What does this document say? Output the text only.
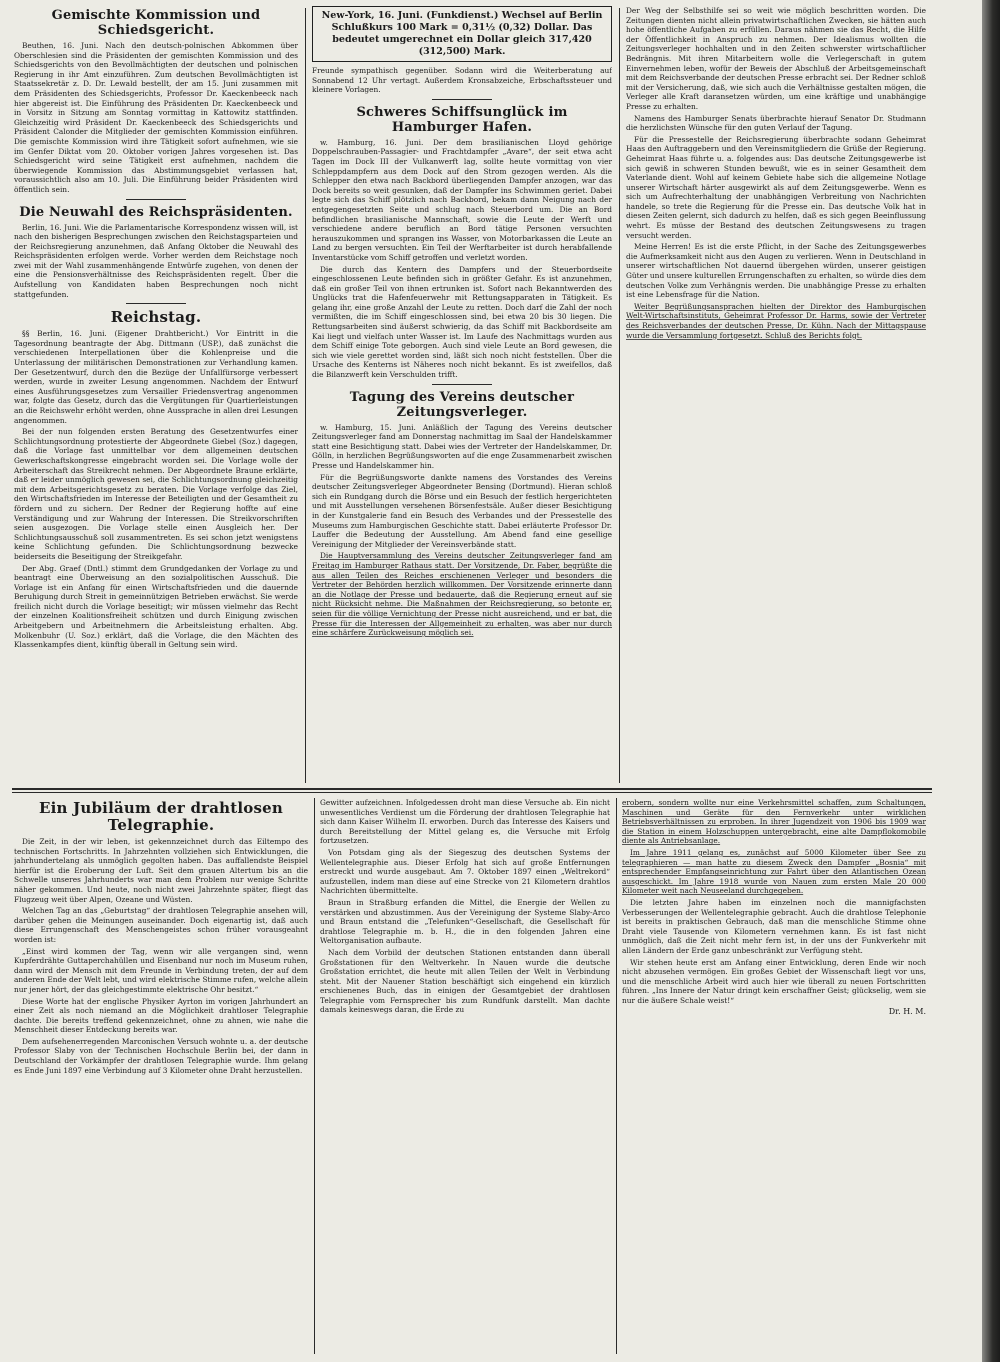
Gemischte Kommission und Schiedsgericht.

Beuthen, 16. Juni. Nach den deutsch-polnischen Abkommen über Oberschlesien sind die Präsidenten der gemischten Kommission und des Schiedsgerichts von den Bevollmächtigten der deutschen und polnischen Regierung in ihr Amt einzuführen. Zum deutschen Bevollmächtigten ist Staatssekretär z. D. Dr. Lewald bestellt, der am 15. Juni zusammen mit dem Präsidenten des Schiedsgerichts, Professor Dr. Kaeckenbeeck nach hier abgereist ist. Die Einführung des Präsidenten Dr. Kaeckenbeeck und in Vorsitz in Sitzung am Sonntag vormittag in Kattowitz stattfinden. Gleichzeitig wird Präsident Dr. Kaeckenbeeck des Schiedsgerichts und Präsident Calonder die Mitglieder der gemischten Kommission einführen. Die gemischte Kommission wird ihre Tätigkeit sofort aufnehmen, wie sie im Genfer Diktat vom 20. Oktober vorigen Jahres vorgesehen ist. Das Schiedsgericht wird seine Tätigkeit erst aufnehmen, nachdem die überwiegende Kommission das Abstimmungsgebiet verlassen hat, voraussichtlich also am 10. Juli. Die Einführung beider Präsidenten wird öffentlich sein.

Die Neuwahl des Reichspräsidenten.

Berlin, 16. Juni. Wie die Parlamentarische Korrespondenz wissen will, ist nach den bisherigen Besprechungen zwischen den Reichstagsparteien und der Reichsregierung anzunehmen, daß Anfang Oktober die Neuwahl des Reichspräsidenten erfolgen werde. Vorher werden dem Reichstage noch zwei mit der Wahl zusammenhängende Entwürfe zugehen, von denen der eine die Pensionsverhältnisse des Reichspräsidenten regelt. Über die Aufstellung von Kandidaten haben Besprechungen noch nicht stattgefunden.

Reichstag.

§§ Berlin, 16. Juni. (Eigener Drahtbericht.) Vor Eintritt in die Tagesordnung beantragte der Abg. Dittmann (USP.), daß zunächst die verschiedenen Interpellationen über die Kohlenpreise und die Unterlassung der militärischen Demonstrationen zur Verhandlung kamen. Der Gesetzentwurf, durch den die Bezüge der Unfallfürsorge verbessert werden, wurde in zweiter Lesung angenommen. Nachdem der Entwurf eines Ausführungsgesetzes zum Versailler Friedensvertrag angenommen war, folgte das Gesetz, durch das die Vergütungen für Quartierleistungen an die Reichswehr erhöht werden, ohne Aussprache in allen drei Lesungen angenommen.

Bei der nun folgenden ersten Beratung des Gesetzentwurfes einer Schlichtungsordnung protestierte der Abgeordnete Giebel (Soz.) dagegen, daß die Vorlage fast unmittelbar vor dem allgemeinen deutschen Gewerkschaftskongresse eingebracht worden sei. Die Vorlage wolle der Arbeiterschaft das Streikrecht nehmen. Der Abgeordnete Braune erklärte, daß er leider unmöglich gewesen sei, die Schlichtungsordnung gleichzeitig mit dem Arbeitsgerichtsgesetz zu beraten. Die Vorlage verfolge das Ziel, den Wirtschaftsfrieden im Interesse der Beteiligten und der Gesamtheit zu fördern und zu sichern. Der Redner der Regierung hoffte auf eine Verständigung und zur Wahrung der Interessen. Die Streikvorschriften seien ausgezogen. Die Vorlage stelle einen Ausgleich her. Der Schlichtungsausschuß soll zusammentreten. Es sei schon jetzt wenigstens keine Schlichtung gefunden. Die Schlichtungsordnung bezwecke beiderseits die Beseitigung der Streikgefahr.

Der Abg. Graef (Dntl.) stimmt dem Grundgedanken der Vorlage zu und beantragt eine Überweisung an den sozialpolitischen Ausschuß. Die Vorlage ist ein Anfang für einen Wirtschaftsfrieden und die dauernde Beruhigung durch Streit in gemeinnützigen Betrieben erwächst. Sie werde freilich nicht durch die Vorlage beseitigt; wir müssen vielmehr das Recht der einzelnen Koalitionsfreiheit schützen und durch Einigung zwischen Arbeitgebern und Arbeitnehmern die Arbeitsleistung erhalten. Abg. Molkenbuhr (U. Soz.) erklärt, daß die Vorlage, die den Mächten des Klassenkampfes dient, künftig überall in Geltung sein wird.

New-York, 16. Juni. (Funkdienst.) Wechsel auf Berlin Schlußkurs 100 Mark = 0,31½ (0,32) Dollar. Das bedeutet umgerechnet ein Dollar gleich 317,420 (312,500) Mark.

Freunde sympathisch gegenüber. Sodann wird die Weiterberatung auf Sonnabend 12 Uhr vertagt. Außerdem Kronsabzeiche, Erbschaftssteuer und kleinere Vorlagen.

Schweres Schiffsunglück im Hamburger Hafen.

w. Hamburg, 16. Juni. Der dem brasilianischen Lloyd gehörige Doppelschrauben-Passagier- und Frachtdampfer „Avare“, der seit etwa acht Tagen im Dock III der Vulkanwerft lag, sollte heute vormittag von vier Schleppdampfern aus dem Dock auf den Strom gezogen werden. Als die Schlepper den etwa nach Backbord überliegenden Dampfer anzogen, war das Dock bereits so weit gesunken, daß der Dampfer ins Schwimmen geriet. Dabei legte sich das Schiff plötzlich nach Backbord, bekam dann Neigung nach der entgegengesetzten Seite und schlug nach Steuerbord um. Die an Bord befindlichen brasilianische Mannschaft, sowie die Leute der Werft und verschiedene andere beruflich an Bord tätige Personen versuchten herauszukommen und sprangen ins Wasser, von Motorbarkassen die Leute an Land zu bergen versuchten. Ein Teil der Werftarbeiter ist durch herabfallende Inventarstücke vom Schiff getroffen und verletzt worden.

Die durch das Kentern des Dampfers und der Steuerbordseite eingeschlossenen Leute befinden sich in größter Gefahr. Es ist anzunehmen, daß ein großer Teil von ihnen ertrunken ist. Sofort nach Bekanntwerden des Unglücks trat die Hafenfeuerwehr mit Rettungsapparaten in Tätigkeit. Es gelang ihr, eine große Anzahl der Leute zu retten. Doch darf die Zahl der noch vermißten, die im Schiff eingeschlossen sind, bei etwa 20 bis 30 liegen. Die Rettungsarbeiten sind äußerst schwierig, da das Schiff mit Backbordseite am Kai liegt und vielfach unter Wasser ist. Im Laufe des Nachmittags wurden aus dem Schiff einige Tote geborgen. Auch sind viele Leute an Bord gewesen, die sich wie viele gerettet worden sind, läßt sich noch nicht feststellen. Über die Ursache des Kenterns ist Näheres noch nicht bekannt. Es ist zweifellos, daß die Bilanzwerft kein Verschulden trifft.

Tagung des Vereins deutscher Zeitungsverleger.

w. Hamburg, 15. Juni. Anläßlich der Tagung des Vereins deutscher Zeitungsverleger fand am Donnerstag nachmittag im Saal der Handelskammer statt eine Besichtigung statt. Dabei wies der Vertreter der Handelskammer, Dr. Gölln, in herzlichen Begrüßungsworten auf die enge Zusammenarbeit zwischen Presse und Handelskammer hin.

Für die Begrüßungsworte dankte namens des Vorstandes des Vereins deutscher Zeitungsverleger Abgeordneter Bensing (Dortmund). Hieran schloß sich ein Rundgang durch die Börse und ein Besuch der festlich hergerichteten und mit Ausstellungen versehenen Börsenfestsäle. Außer dieser Besichtigung in der Kunstgalerie fand ein Besuch des Verbandes und der Pressestelle des Museums zum Hamburgischen Geschichte statt. Dabei erläuterte Professor Dr. Lauffer die Bedeutung der Ausstellung. Am Abend fand eine gesellige Vereinigung der Mitglieder der Vereinsverbände statt.

Die Hauptversammlung des Vereins deutscher Zeitungsverleger fand am Freitag im Hamburger Rathaus statt. Der Vorsitzende, Dr. Faber, begrüßte die aus allen Teilen des Reiches erschienenen Verleger und besonders die Vertreter der Behörden herzlich willkommen. Der Vorsitzende erinnerte dann an die Notlage der Presse und bedauerte, daß die Regierung erneut auf sie nicht Rücksicht nehme. Die Maßnahmen der Reichsregierung, so betonte er, seien für die völlige Vernichtung der Presse nicht ausreichend, und er bat, die Presse für die Interessen der Allgemeinheit zu erhalten, was aber nur durch eine schärfere Zurückweisung möglich sei.

Der Weg der Selbsthilfe sei so weit wie möglich beschritten worden. Die Zeitungen dienten nicht allein privatwirtschaftlichen Zwecken, sie hätten auch hohe öffentliche Aufgaben zu erfüllen. Daraus nähmen sie das Recht, die Hilfe der Öffentlichkeit in Anspruch zu nehmen. Der Idealismus wollten die Zeitungsverleger hochhalten und in den Zeiten schwerster wirtschaftlicher Bedrängnis. Mit ihren Mitarbeitern wolle die Verlegerschaft in gutem Einvernehmen leben, wofür der Beweis der Abschluß der Arbeitsgemeinschaft mit dem Reichsverbande der deutschen Presse erbracht sei. Der Redner schloß mit der Versicherung, daß, wie sich auch die Verhältnisse gestalten mögen, die Verleger alle Kraft daransetzen würden, um eine kräftige und unabhängige Presse zu erhalten.

Namens des Hamburger Senats überbrachte hierauf Senator Dr. Studmann die herzlichsten Wünsche für den guten Verlauf der Tagung.

Für die Pressestelle der Reichsregierung überbrachte sodann Geheimrat Haas den Auftraggebern und den Vereinsmitgliedern die Grüße der Regierung. Geheimrat Haas führte u. a. folgendes aus: Das deutsche Zeitungsgewerbe ist sich gewiß in schweren Stunden bewußt, wie es in seiner Gesamtheit dem Vaterlande dient. Wohl auf keinem Gebiete habe sich die allgemeine Notlage unserer Wirtschaft härter ausgewirkt als auf dem Zeitungsgewerbe. Wenn es sich um Aufrechterhaltung der unabhängigen Verbreitung von Nachrichten handele, so trete die Regierung für die Presse ein. Das deutsche Volk hat in diesen Zeiten gelernt, sich dadurch zu helfen, daß es sich gegen Beeinflussung wehrt. Es müsse der Bestand des deutschen Zeitungswesens zu tragen versucht werden.

Meine Herren! Es ist die erste Pflicht, in der Sache des Zeitungsgewerbes die Aufmerksamkeit nicht aus den Augen zu verlieren. Wenn in Deutschland in unserer wirtschaftlichen Not dauernd übergehen würden, unserer geistigen Güter und unsere kulturellen Errungenschaften zu erhalten, so würde dies dem deutschen Volke zum Verhängnis werden. Die unabhängige Presse zu erhalten ist eine Lebensfrage für die Nation.

Weiter Begrüßungsansprachen hielten der Direktor des Hamburgischen Welt-Wirtschaftsinstituts, Geheimrat Professor Dr. Harms, sowie der Vertreter des Reichsverbandes der deutschen Presse, Dr. Kühn. Nach der Mittagspause wurde die Versammlung fortgesetzt. Schluß des Berichts folgt.

Ein Jubiläum der drahtlosen Telegraphie.

Die Zeit, in der wir leben, ist gekennzeichnet durch das Eiltempo des technischen Fortschritts. In Jahrzehnten vollziehen sich Entwicklungen, die jahrhundertelang als unmöglich gegolten haben. Das auffallendste Beispiel hierfür ist die Eroberung der Luft. Seit dem grauen Altertum bis an die Schwelle unseres Jahrhunderts war man dem Problem nur wenige Schritte näher gekommen. Und heute, noch nicht zwei Jahrzehnte später, fliegt das Flugzeug weit über Alpen, Ozeane und Wüsten.

Welchen Tag an das „Geburtstag“ der drahtlosen Telegraphie ansehen will, darüber gehen die Meinungen auseinander. Doch eigenartig ist, daß auch diese Errungenschaft des Menschengeistes schon früher vorausgeahnt worden ist:

„Einst wird kommen der Tag, wenn wir alle vergangen sind, wenn Kupferdrähte Guttaperchahüllen und Eisenband nur noch im Museum ruhen, dann wird der Mensch mit dem Freunde in Verbindung treten, der auf dem anderen Ende der Welt lebt, und wird elektrische Stimme rufen, welche allein nur jener hört, der das gleichgestimmte elektrische Ohr besitzt.“

Diese Worte hat der englische Physiker Ayrton im vorigen Jahrhundert an einer Zeit als noch niemand an die Möglichkeit drahtloser Telegraphie dachte. Die bereits treffend gekennzeichnet, ohne zu ahnen, wie nahe die Menschheit dieser Entdeckung bereits war.

Dem aufsehenerregenden Marconischen Versuch wohnte u. a. der deutsche Professor Slaby von der Technischen Hochschule Berlin bei, der dann in Deutschland der Vorkämpfer der drahtlosen Telegraphie wurde. Ihm gelang es Ende Juni 1897 eine Verbindung auf 3 Kilometer ohne Draht herzustellen.

Gewitter aufzeichnen. Infolgedessen droht man diese Versuche ab. Ein nicht unwesentliches Verdienst um die Förderung der drahtlosen Telegraphie hat sich dann Kaiser Wilhelm II. erworben. Durch das Interesse des Kaisers und durch Bereitstellung der Mittel gelang es, die Versuche mit Erfolg fortzusetzen.

Von Potsdam ging als der Siegeszug des deutschen Systems der Wellentelegraphie aus. Dieser Erfolg hat sich auf große Entfernungen erstreckt und wurde ausgebaut. Am 7. Oktober 1897 einen „Weltrekord“ aufzustellen, indem man diese auf eine Strecke von 21 Kilometern drahtlos Nachrichten übermittelte.

Braun in Straßburg erfanden die Mittel, die Energie der Wellen zu verstärken und abzustimmen. Aus der Vereinigung der Systeme Slaby-Arco und Braun entstand die „Telefunken“-Gesellschaft, die Gesellschaft für drahtlose Telegraphie m. b. H., die in den folgenden Jahren eine Weltorganisation aufbaute.

Nach dem Vorbild der deutschen Stationen entstanden dann überall Großstationen für den Weltverkehr. In Nauen wurde die deutsche Großstation errichtet, die heute mit allen Teilen der Welt in Verbindung steht. Mit der Nauener Station beschäftigt sich eingehend ein kürzlich erschienenes Buch, das in einigen der Gesamtgebiet der drahtlosen Telegraphie vom Fernsprecher bis zum Rundfunk darstellt. Man dachte damals keineswegs daran, die Erde zu

erobern, sondern wollte nur eine Verkehrsmittel schaffen, zum Schaltungen, Maschinen und Geräte für den Fernverkehr unter wirklichen Betriebsverhältnissen zu erproben. In ihrer Jugendzeit von 1906 bis 1909 war die Station in einem Holzschuppen untergebracht, eine alte Dampflokomobile diente als Antriebsanlage.

Im Jahre 1911 gelang es, zunächst auf 5000 Kilometer über See zu telegraphieren — man hatte zu diesem Zweck den Dampfer „Bosnia“ mit entsprechender Empfangseinrichtung zur Fahrt über den Atlantischen Ozean ausgeschickt. Im Jahre 1918 wurde von Nauen zum ersten Male 20 000 Kilometer weit nach Neuseeland durchgegeben.

Die letzten Jahre haben im einzelnen noch die mannigfachsten Verbesserungen der Wellentelegraphie gebracht. Auch die drahtlose Telephonie ist bereits in praktischen Gebrauch, daß man die menschliche Stimme ohne Draht viele Tausende von Kilometern vernehmen kann. Es ist fast nicht unmöglich, daß die Zeit nicht mehr fern ist, in der uns der Funkverkehr mit allen Ländern der Erde ganz unbeschränkt zur Verfügung steht.

Wir stehen heute erst am Anfang einer Entwicklung, deren Ende wir noch nicht abzusehen vermögen. Ein großes Gebiet der Wissenschaft liegt vor uns, und die menschliche Arbeit wird auch hier wie überall zu neuen Fortschritten führen. „Ins Innere der Natur dringt kein erschaffner Geist; glückselig, wem sie nur die äußere Schale weist!“

Dr. H. M.
